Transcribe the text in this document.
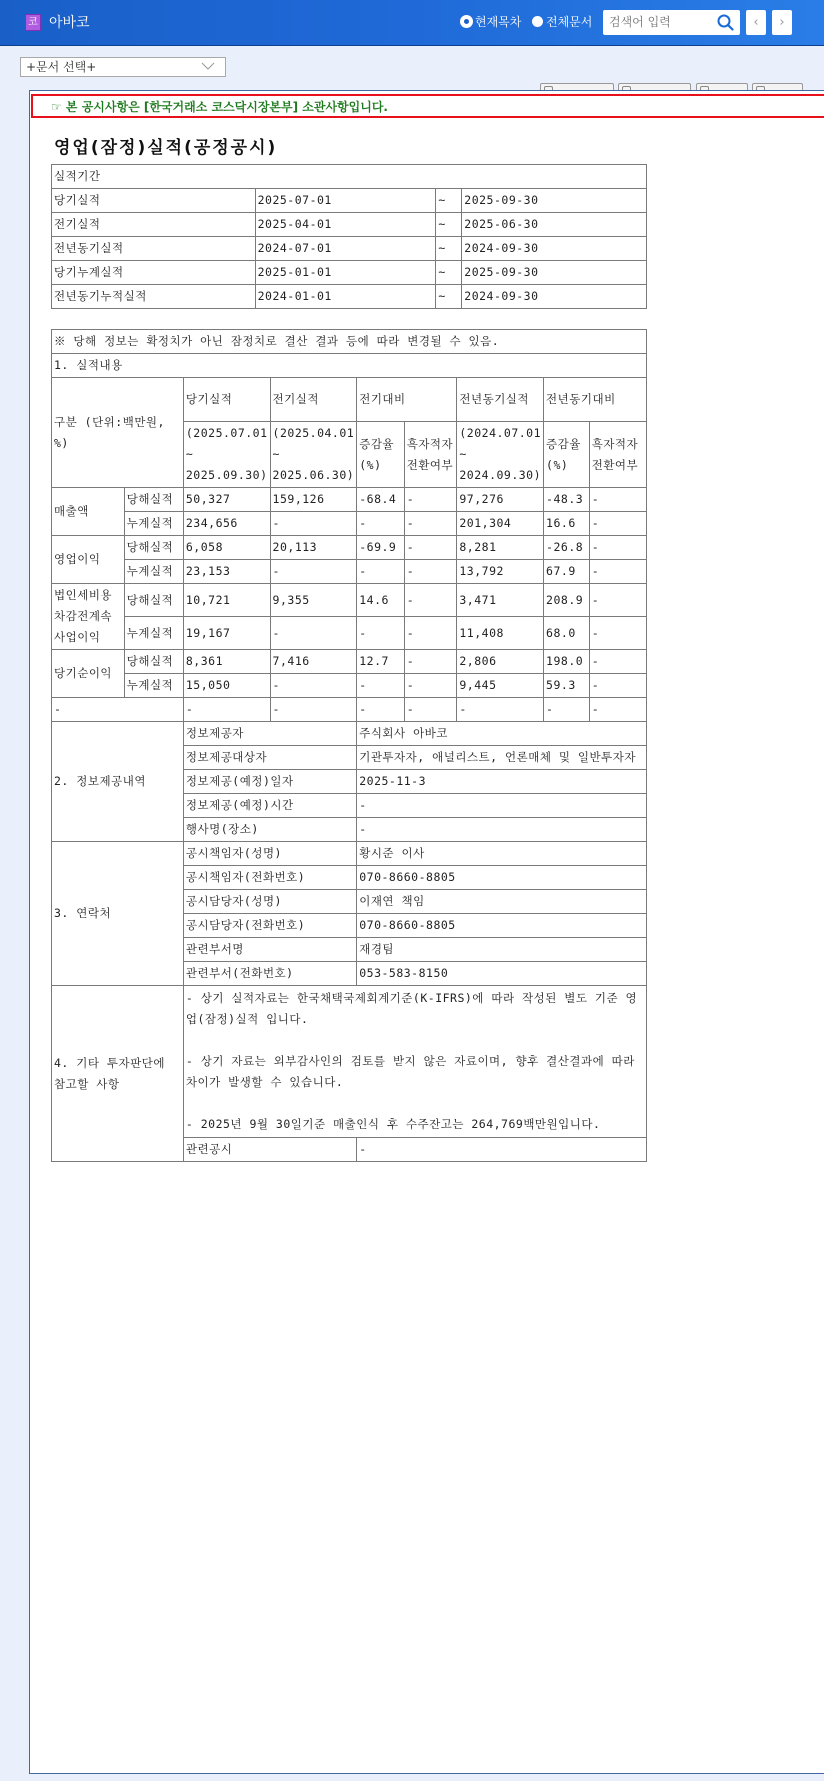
코 아바코	현재목차 전체문서
검색어 입력	‹	›
+문서 선택+
☞ 본 공시사항은 [한국거래소 코스닥시장본부] 소관사항입니다.
영업(잠정)실적(공정공시)
실적기간			
당기실적	2025-07-01	~	2025-09-30
전기실적	2025-04-01	~	2025-06-30
전년동기실적	2024-07-01	~	2024-09-30
당기누계실적	2025-01-01	~	2025-09-30
전년동기누적실적	2024-01-01	~	2024-09-30
※ 당해 정보는 확정치가 아닌 잠정치로 결산 결과 등에 따라 변경될 수 있음.								
1. 실적내용								
구분 (단위:백만원, %)		당기실적	전기실적	전기대비		전년동기실적	전년동기대비	
		(2025.07.01 ~ 2025.09.30)	(2025.04.01 ~ 2025.06.30)	증감율(%)	흑자적자전환여부	(2024.07.01 ~ 2024.09.30)	증감율(%)	흑자적자전환여부
매출액	당해실적	50,327	159,126	-68.4	-	97,276	-48.3	-
	누계실적	234,656	-	-	-	201,304	16.6	-
영업이익	당해실적	6,058	20,113	-69.9	-	8,281	-26.8	-
	누계실적	23,153	-	-	-	13,792	67.9	-
법인세비용차감전계속사업이익	당해실적	10,721	9,355	14.6	-	3,471	208.9	-
	누계실적	19,167	-	-	-	11,408	68.0	-
당기순이익	당해실적	8,361	7,416	12.7	-	2,806	198.0	-
	누계실적	15,050	-	-	-	9,445	59.3	-
-		-	-	-	-	-	-	-
2. 정보제공내역		정보제공자		주식회사 아바코				
		정보제공대상자		기관투자자, 애널리스트, 언론매체 및 일반투자자				
		정보제공(예정)일자		2025-11-3				
		정보제공(예정)시간		-				
		행사명(장소)		-				
3. 연락처		공시책임자(성명)		황시준 이사				
		공시책임자(전화번호)		070-8660-8805				
		공시담당자(성명)		이재연 책임				
		공시담당자(전화번호)		070-8660-8805				
		관련부서명		재경팀				
		관련부서(전화번호)		053-583-8150				
4. 기타 투자판단에 참고할 사항		- 상기 실적자료는 한국채택국제회계기준(K-IFRS)에 따라 작성된 별도 기준 영업(잠정)실적 입니다.
- 상기 자료는 외부감사인의 검토를 받지 않은 자료이며, 향후 결산결과에 따라 차이가 발생할 수 있습니다.
- 2025년 9월 30일기준 매출인식 후 수주잔고는 264,769백만원입니다.						

		관련공시		-				
